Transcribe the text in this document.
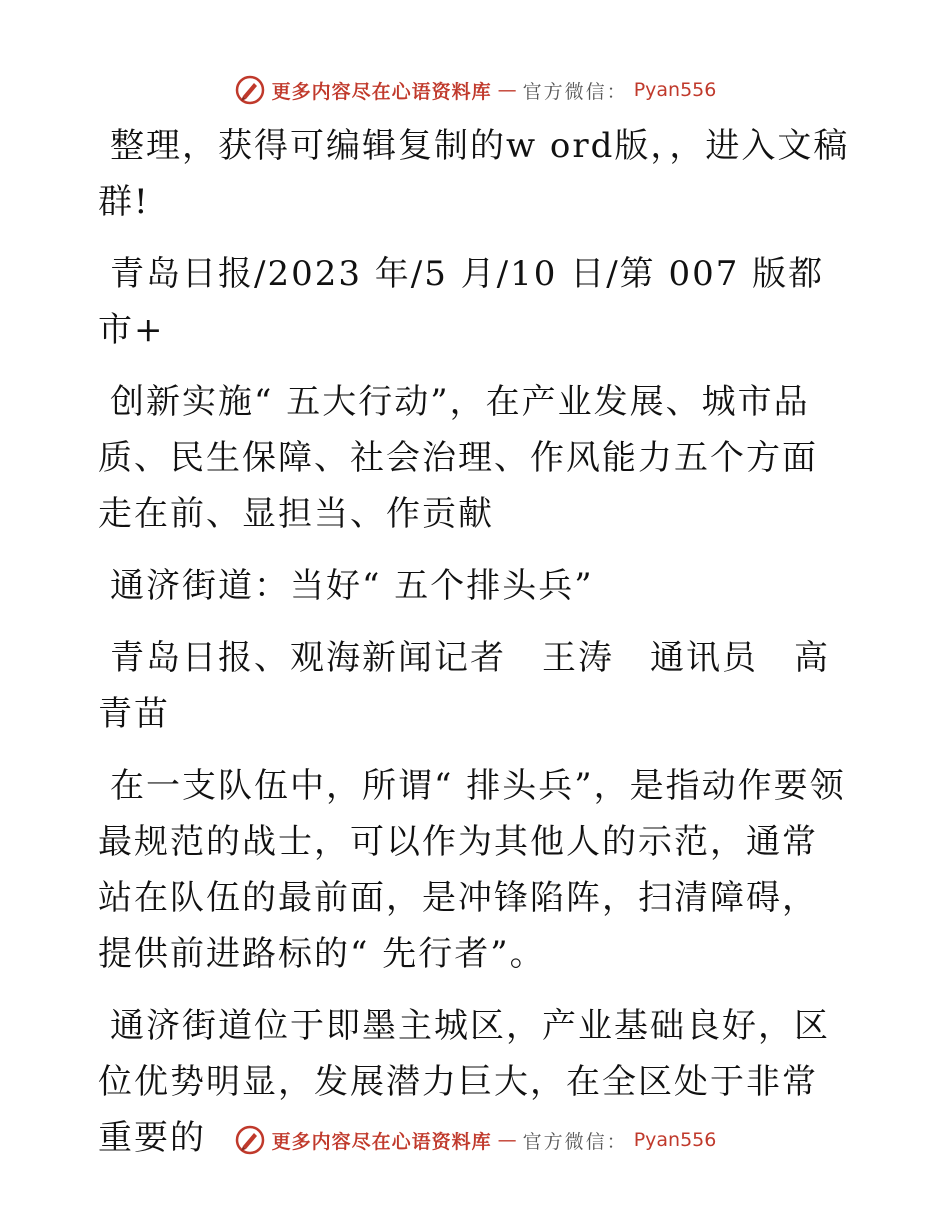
更多内容尽在心语资料库 — 官方微信： Pyan556

整理，获得可编辑复制的w ord版，，进入文稿群!

青岛日报/2023 年/5 月/10 日/第 007 版都市+

创新实施“ 五大行动”，在产业发展、城市品质、民生保障、社会治理、作风能力五个方面走在前、显担当、作贡献

通济街道：当好“ 五个排头兵”

青岛日报、观海新闻记者　王涛　通讯员　高青苗

在一支队伍中，所谓“ 排头兵”，是指动作要领最规范的战士，可以作为其他人的示范，通常站在队伍的最前面，是冲锋陷阵，扫清障碍，提供前进路标的“ 先行者”。

通济街道位于即墨主城区，产业基础良好，区位优势明显，发展潜力巨大，在全区处于非常重要的	更多内容尽在心语资料库 — 官方微信： Pyan556
